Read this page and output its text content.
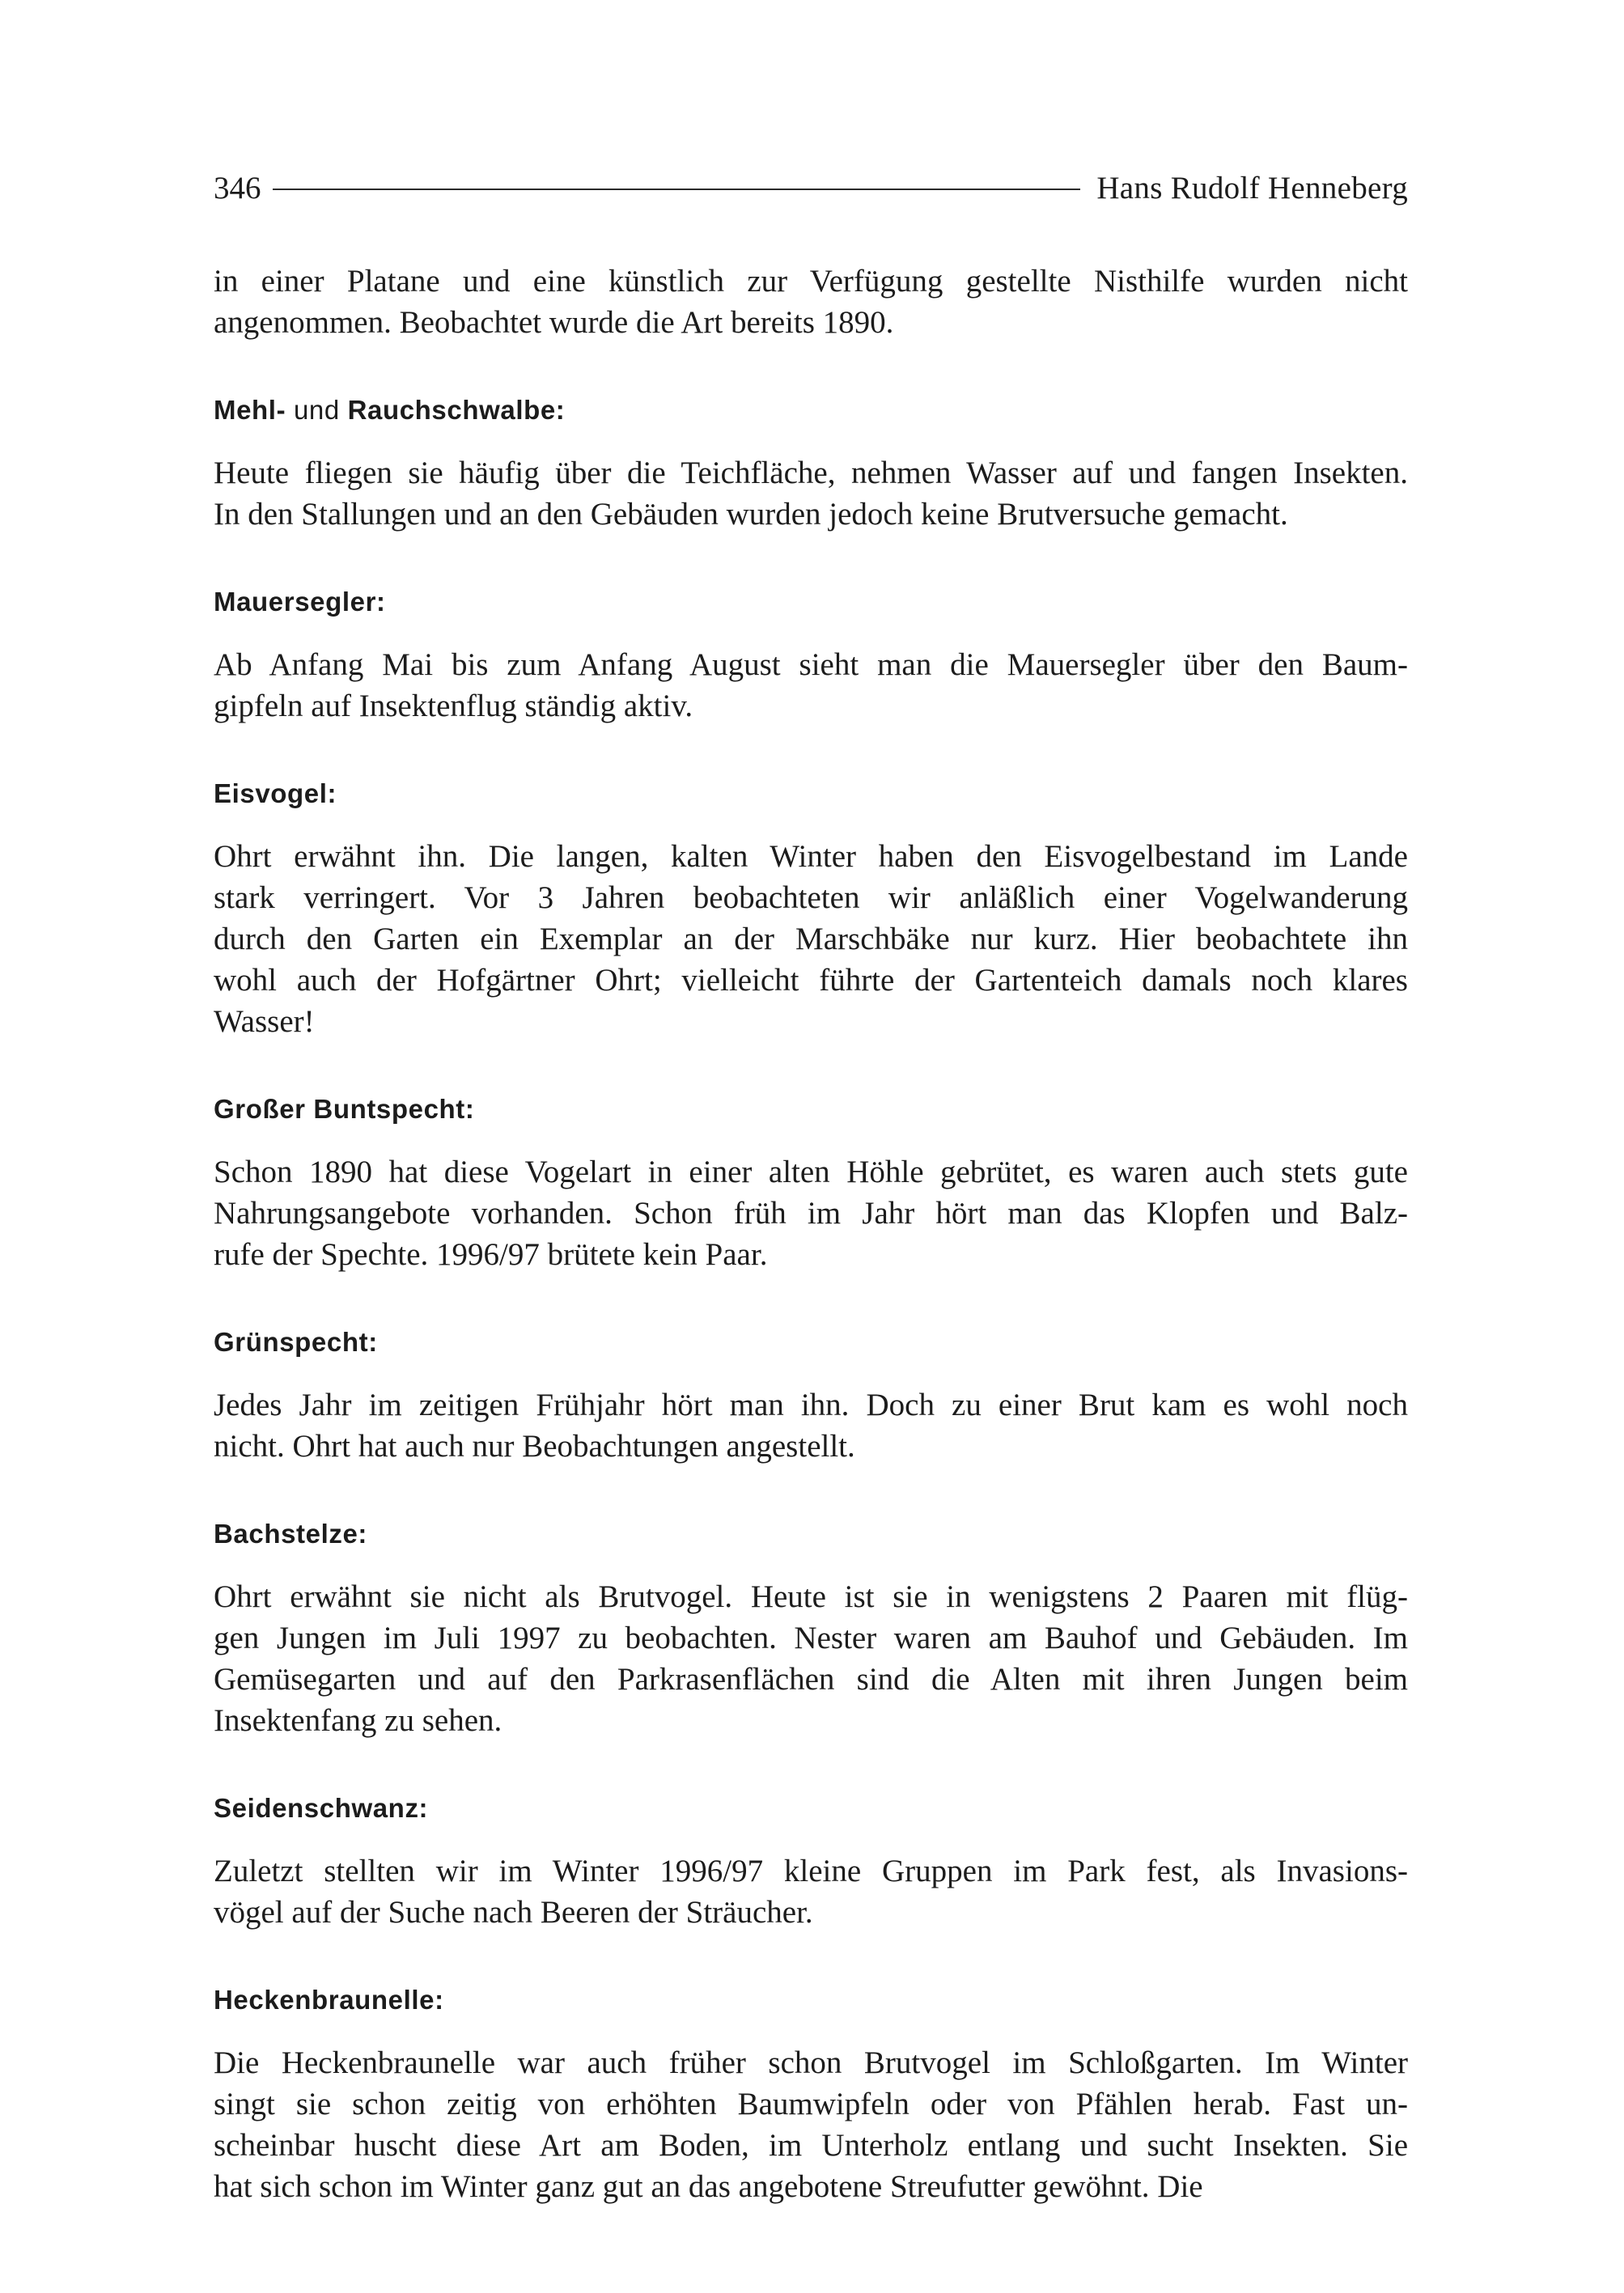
346	Hans Rudolf Henneberg

in einer Platane und eine künstlich zur Verfügung gestellte Nisthilfe wurden nicht
angenommen. Beobachtet wurde die Art bereits 1890.

Mehl- und Rauchschwalbe:

Heute fliegen sie häufig über die Teichfläche, nehmen Wasser auf und fangen Insekten.
In den Stallungen und an den Gebäuden wurden jedoch keine Brutversuche gemacht.

Mauersegler:

Ab Anfang Mai bis zum Anfang August sieht man die Mauersegler über den Baum-
gipfeln auf Insektenflug ständig aktiv.

Eisvogel:

Ohrt erwähnt ihn. Die langen, kalten Winter haben den Eisvogelbestand im Lande
stark verringert. Vor 3 Jahren beobachteten wir anläßlich einer Vogelwanderung
durch den Garten ein Exemplar an der Marschbäke nur kurz. Hier beobachtete ihn
wohl auch der Hofgärtner Ohrt; vielleicht führte der Gartenteich damals noch klares
Wasser!

Großer Buntspecht:

Schon 1890 hat diese Vogelart in einer alten Höhle gebrütet, es waren auch stets gute
Nahrungsangebote vorhanden. Schon früh im Jahr hört man das Klopfen und Balz-
rufe der Spechte. 1996/97 brütete kein Paar.

Grünspecht:

Jedes Jahr im zeitigen Frühjahr hört man ihn. Doch zu einer Brut kam es wohl noch
nicht. Ohrt hat auch nur Beobachtungen angestellt.

Bachstelze:

Ohrt erwähnt sie nicht als Brutvogel. Heute ist sie in wenigstens 2 Paaren mit flüg-
gen Jungen im Juli 1997 zu beobachten. Nester waren am Bauhof und Gebäuden. Im
Gemüsegarten und auf den Parkrasenflächen sind die Alten mit ihren Jungen beim
Insektenfang zu sehen.

Seidenschwanz:

Zuletzt stellten wir im Winter 1996/97 kleine Gruppen im Park fest, als Invasions-
vögel auf der Suche nach Beeren der Sträucher.

Heckenbraunelle:

Die Heckenbraunelle war auch früher schon Brutvogel im Schloßgarten. Im Winter
singt sie schon zeitig von erhöhten Baumwipfeln oder von Pfählen herab. Fast un-
scheinbar huscht diese Art am Boden, im Unterholz entlang und sucht Insekten. Sie
hat sich schon im Winter ganz gut an das angebotene Streufutter gewöhnt. Die
